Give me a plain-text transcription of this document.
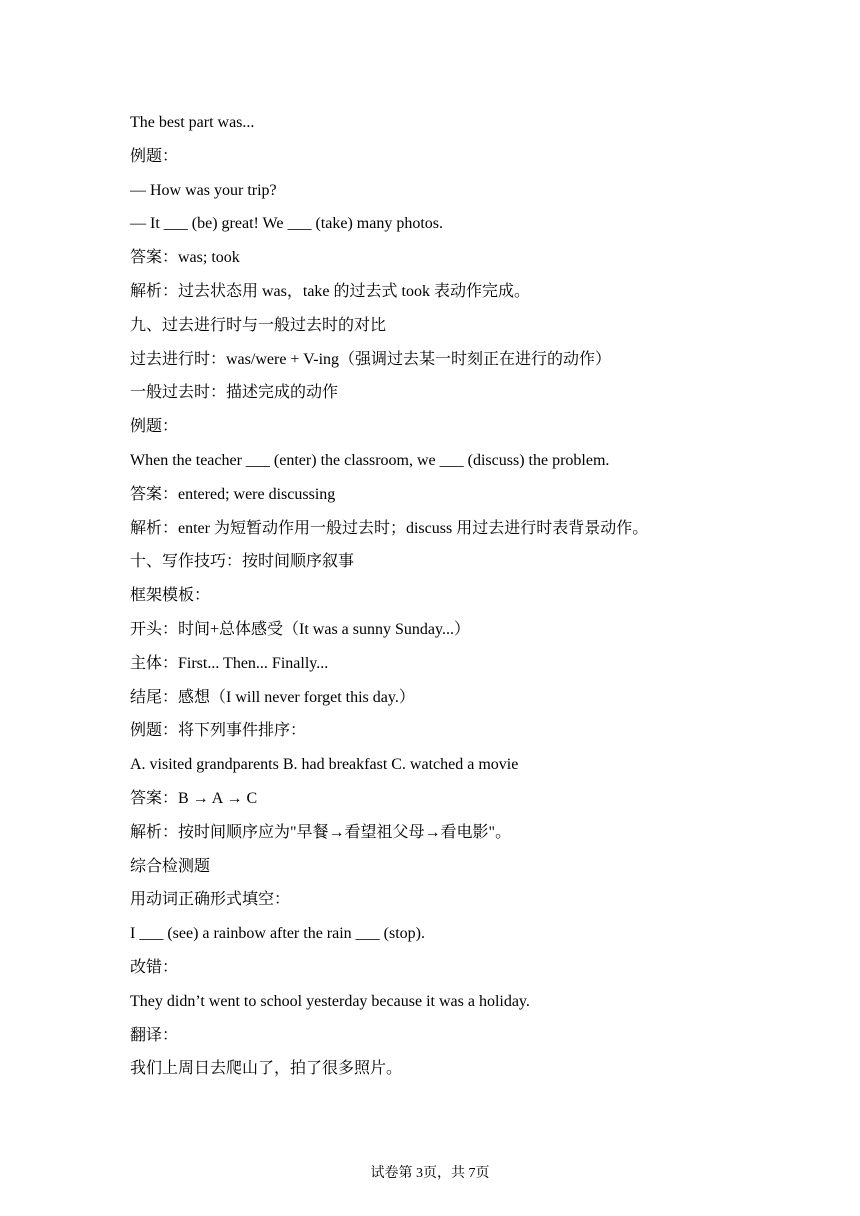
The best part was...
例题：
— How was your trip?
— It ___ (be) great! We ___ (take) many photos.
答案：was; took
解析：过去状态用 was，take 的过去式 took 表动作完成。
九、过去进行时与一般过去时的对比
过去进行时：was/were + V-ing（强调过去某一时刻正在进行的动作）
一般过去时：描述完成的动作
例题：
When the teacher ___ (enter) the classroom, we ___ (discuss) the problem.
答案：entered; were discussing
解析：enter 为短暂动作用一般过去时；discuss 用过去进行时表背景动作。
十、写作技巧：按时间顺序叙事
框架模板：
开头：时间+总体感受（It was a sunny Sunday...）
主体：First... Then... Finally...
结尾：感想（I will never forget this day.）
例题：将下列事件排序：
A. visited grandparents B. had breakfast C. watched a movie
答案：B → A → C
解析：按时间顺序应为"早餐→看望祖父母→看电影"。
综合检测题
用动词正确形式填空：
I ___ (see) a rainbow after the rain ___ (stop).
改错：
They didn’t went to school yesterday because it was a holiday.
翻译：
我们上周日去爬山了，拍了很多照片。
试卷第 3页，共 7页
